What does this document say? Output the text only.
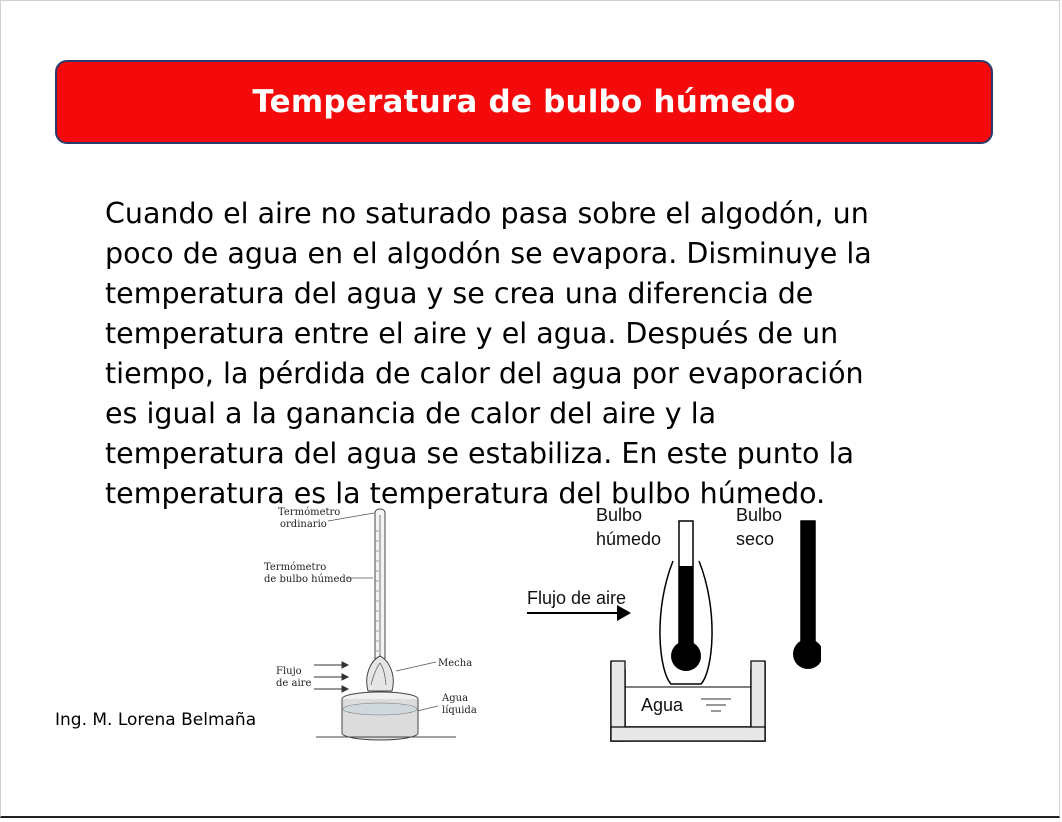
Temperatura de bulbo húmedo
Termómetro
ordinario
Termómetro
de bulbo húmedo
Flujo
de aire
Mecha
Agua
líquida
Bulbo
húmedo
Bulbo
seco
Flujo de aire
Agua
Cuando el aire no saturado pasa sobre el algodón, un
poco de agua en el algodón se evapora. Disminuye la
temperatura del agua y se crea una diferencia de
temperatura entre el aire y el agua. Después de un
tiempo, la pérdida de calor del agua por evaporación
es igual a la ganancia de calor del aire y la
temperatura del agua se estabiliza. En este punto la
temperatura es la temperatura del bulbo húmedo.
Ing. M. Lorena Belmaña
